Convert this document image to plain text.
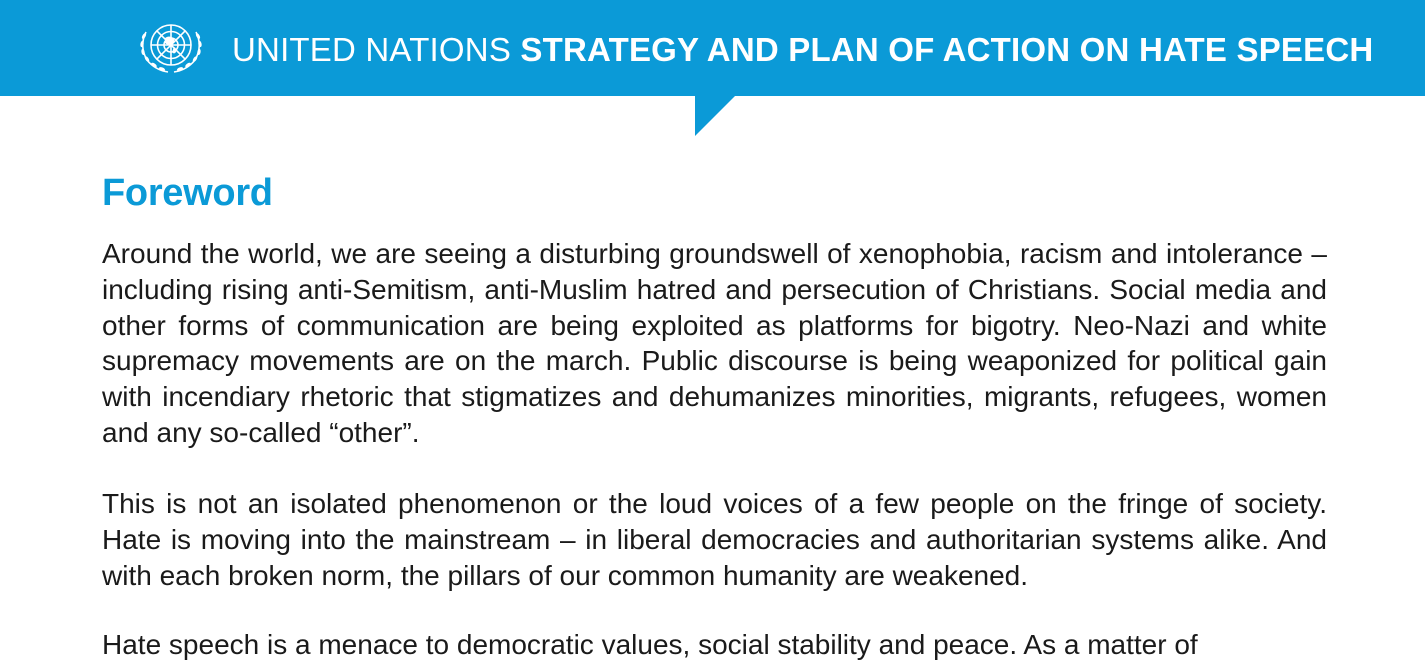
UNITED NATIONS STRATEGY AND PLAN OF ACTION ON HATE SPEECH
Foreword

Around the world, we are seeing a disturbing groundswell of xenophobia, racism and intolerance – including rising anti-Semitism, anti-Muslim hatred and persecution of Christians. Social media and other forms of communication are being exploited as platforms for bigotry. Neo-Nazi and white supremacy movements are on the march. Public discourse is being weaponized for political gain with incendiary rhetoric that stigmatizes and dehumanizes minorities, migrants, refugees, women and any so-called “other”.

This is not an isolated phenomenon or the loud voices of a few people on the fringe of society. Hate is moving into the mainstream – in liberal democracies and authoritarian systems alike. And with each broken norm, the pillars of our common humanity are weakened.

Hate speech is a menace to democratic values, social stability and peace. As a matter of
